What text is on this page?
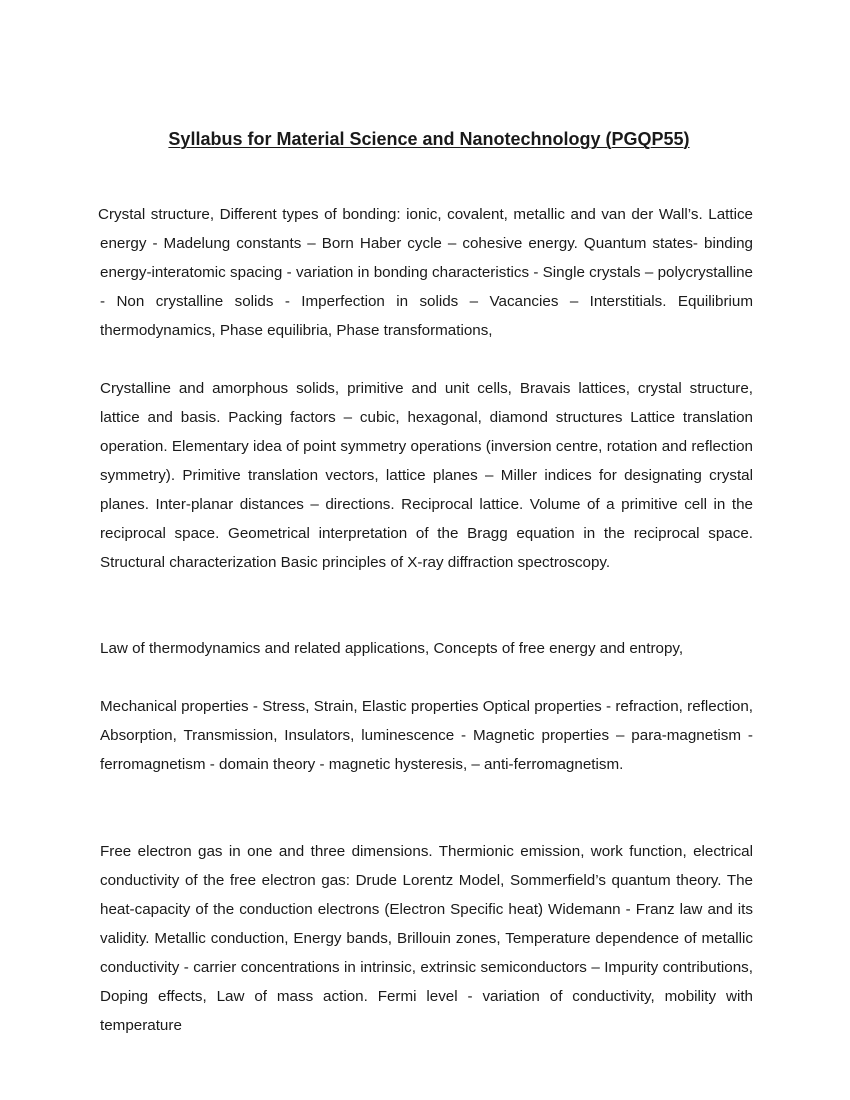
Syllabus for Material Science and Nanotechnology (PGQP55)

Crystal structure, Different types of bonding: ionic, covalent, metallic and van der Wall’s. Lattice energy - Madelung constants – Born Haber cycle – cohesive energy. Quantum states- binding energy-interatomic spacing - variation in bonding characteristics - Single crystals – polycrystalline - Non crystalline solids - Imperfection in solids – Vacancies – Interstitials. Equilibrium thermodynamics, Phase equilibria, Phase transformations,

Crystalline and amorphous solids, primitive and unit cells, Bravais lattices, crystal structure, lattice and basis. Packing factors – cubic, hexagonal, diamond structures Lattice translation operation. Elementary idea of point symmetry operations (inversion centre, rotation and reflection symmetry). Primitive translation vectors, lattice planes – Miller indices for designating crystal planes. Inter-planar distances – directions. Reciprocal lattice. Volume of a primitive cell in the reciprocal space. Geometrical interpretation of the Bragg equation in the reciprocal space. Structural characterization Basic principles of X-ray diffraction spectroscopy.

Law of thermodynamics and related applications, Concepts of free energy and entropy,

Mechanical properties - Stress, Strain, Elastic properties Optical properties - refraction, reflection, Absorption, Transmission, Insulators, luminescence - Magnetic properties – para-magnetism - ferromagnetism - domain theory - magnetic hysteresis, – anti-ferromagnetism.

Free electron gas in one and three dimensions. Thermionic emission, work function, electrical conductivity of the free electron gas: Drude Lorentz Model, Sommerfield’s quantum theory. The heat-capacity of the conduction electrons (Electron Specific heat) Widemann - Franz law and its validity. Metallic conduction, Energy bands, Brillouin zones, Temperature dependence of metallic conductivity - carrier concentrations in intrinsic, extrinsic semiconductors – Impurity contributions, Doping effects, Law of mass action. Fermi level - variation of conductivity, mobility with temperature
